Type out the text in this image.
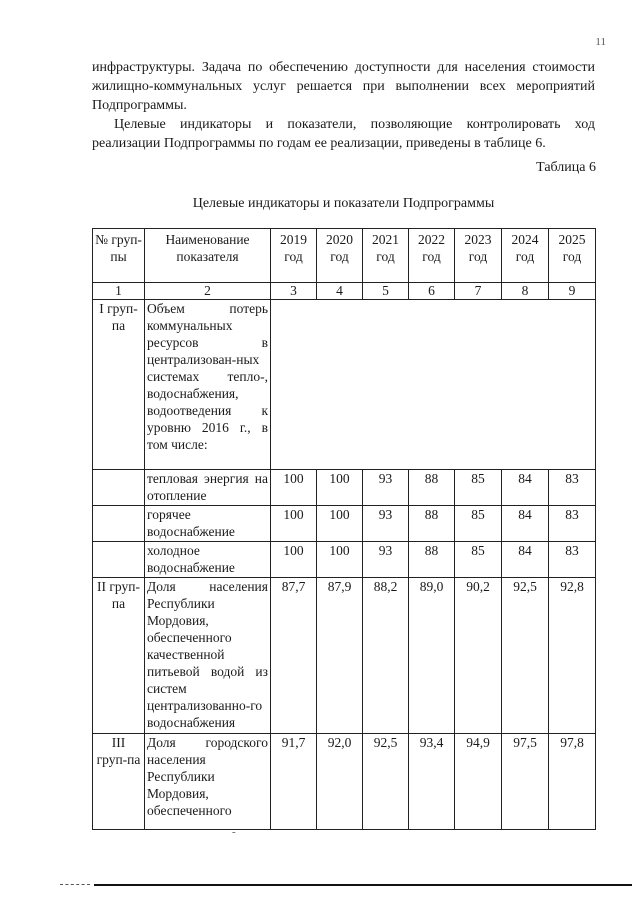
11

инфраструктуры. Задача по обеспечению доступности для населения стоимости жилищно-коммунальных услуг решается при выполнении всех мероприятий Подпрограммы.

Целевые индикаторы и показатели, позволяющие контролировать ход реализации Подпрограммы по годам ее реализации, приведены в таблице 6.

Таблица 6
Целевые индикаторы и показатели Подпрограммы
№ груп-пы	Наименование показателя	2019 год	2020 год	2021 год	2022 год	2023 год	2024 год	2025 год
1	2	3	4	5	6	7	8	9
I груп-па	Объем потерь коммунальных ресурсов в централизован-ных системах тепло-, водоснабжения, водоотведения к уровню 2016 г., в том числе:							
	тепловая энергия на отопление	100	100	93	88	85	84	83
	горячее водоснабжение	100	100	93	88	85	84	83
	холодное водоснабжение	100	100	93	88	85	84	83
II груп-па	Доля населения Республики Мордовия, обеспеченного качественной питьевой водой из систем централизованно-го водоснабжения	87,7	87,9	88,2	89,0	90,2	92,5	92,8
III груп-па	Доля городского населения Республики Мордовия, обеспеченного	91,7	92,0	92,5	93,4	94,9	97,5	97,8
-
